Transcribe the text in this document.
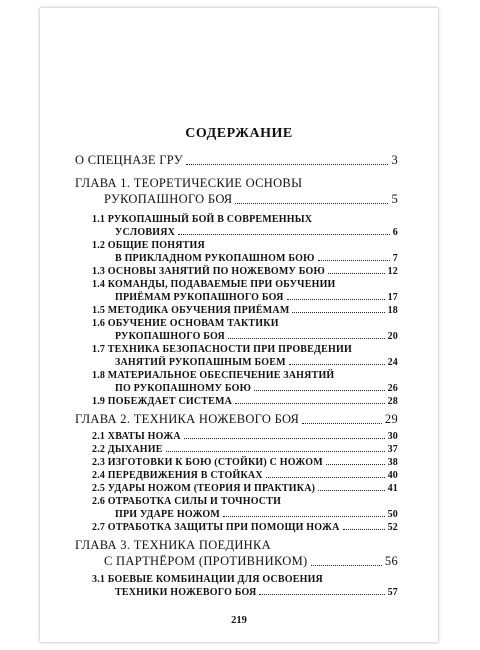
СОДЕРЖАНИЕ
О СПЕЦНАЗЕ ГРУ	3
ГЛАВА 1. ТЕОРЕТИЧЕСКИЕ ОСНОВЫ
РУКОПАШНОГО БОЯ	5
1.1 РУКОПАШНЫЙ БОЙ В СОВРЕМЕННЫХ
УСЛОВИЯХ	6
1.2 ОБЩИЕ ПОНЯТИЯ
В ПРИКЛАДНОМ РУКОПАШНОМ БОЮ	7
1.3 ОСНОВЫ ЗАНЯТИЙ ПО НОЖЕВОМУ БОЮ	12
1.4 КОМАНДЫ, ПОДАВАЕМЫЕ ПРИ ОБУЧЕНИИ
ПРИЁМАМ РУКОПАШНОГО БОЯ	17
1.5 МЕТОДИКА ОБУЧЕНИЯ ПРИЁМАМ	18
1.6 ОБУЧЕНИЕ ОСНОВАМ ТАКТИКИ
РУКОПАШНОГО БОЯ	20
1.7 ТЕХНИКА БЕЗОПАСНОСТИ ПРИ ПРОВЕДЕНИИ
ЗАНЯТИЙ РУКОПАШНЫМ БОЕМ	24
1.8 МАТЕРИАЛЬНОЕ ОБЕСПЕЧЕНИЕ ЗАНЯТИЙ
ПО РУКОПАШНОМУ БОЮ	26
1.9 ПОБЕЖДАЕТ СИСТЕМА	28
ГЛАВА 2. ТЕХНИКА НОЖЕВОГО БОЯ	29
2.1 ХВАТЫ НОЖА	30
2.2 ДЫХАНИЕ	37
2.3 ИЗГОТОВКИ К БОЮ (СТОЙКИ) С НОЖОМ	38
2.4 ПЕРЕДВИЖЕНИЯ В СТОЙКАХ	40
2.5 УДАРЫ НОЖОМ (ТЕОРИЯ И ПРАКТИКА)	41
2.6 ОТРАБОТКА СИЛЫ И ТОЧНОСТИ
ПРИ УДАРЕ НОЖОМ	50
2.7 ОТРАБОТКА ЗАЩИТЫ ПРИ ПОМОЩИ НОЖА	52
ГЛАВА 3. ТЕХНИКА ПОЕДИНКА
С ПАРТНЁРОМ (ПРОТИВНИКОМ)	56
3.1 БОЕВЫЕ КОМБИНАЦИИ ДЛЯ ОСВОЕНИЯ
ТЕХНИКИ НОЖЕВОГО БОЯ	57
219
